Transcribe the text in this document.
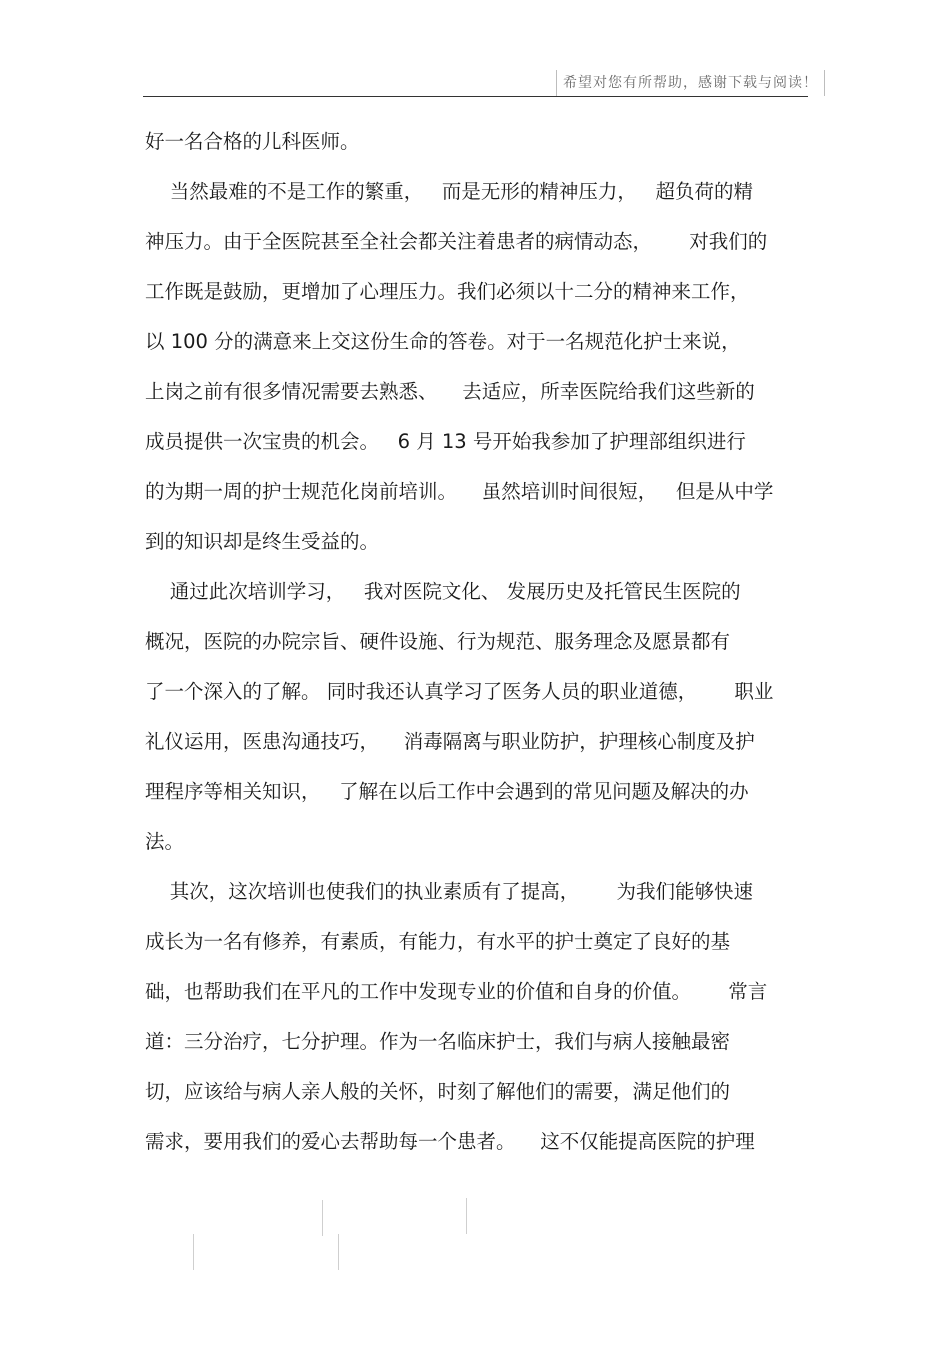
希望对您有所帮助，感谢下载与阅读！
好一名合格的儿科医师。
当然最难的不是工作的繁重，   而是无形的精神压力，   超负荷的精
神压力。由于全医院甚至全社会都关注着患者的病情动态，      对我们的
工作既是鼓励，更增加了心理压力。我们必须以十二分的精神来工作，
以 100 分的满意来上交这份生命的答卷。对于一名规范化护士来说，
上岗之前有很多情况需要去熟悉、    去适应，所幸医院给我们这些新的
成员提供一次宝贵的机会。   6 月 13 号开始我参加了护理部组织进行
的为期一周的护士规范化岗前培训。    虽然培训时间很短，   但是从中学
到的知识却是终生受益的。
通过此次培训学习，   我对医院文化、 发展历史及托管民生医院的
概况，医院的办院宗旨、硬件设施、行为规范、服务理念及愿景都有
了一个深入的了解。 同时我还认真学习了医务人员的职业道德，      职业
礼仪运用，医患沟通技巧，    消毒隔离与职业防护，护理核心制度及护
理程序等相关知识，   了解在以后工作中会遇到的常见问题及解决的办
法。
其次，这次培训也使我们的执业素质有了提高，      为我们能够快速
成长为一名有修养，有素质，有能力，有水平的护士奠定了良好的基
础，也帮助我们在平凡的工作中发现专业的价值和自身的价值。      常言
道：三分治疗，七分护理。作为一名临床护士，我们与病人接触最密
切，应该给与病人亲人般的关怀，时刻了解他们的需要，满足他们的
需求，要用我们的爱心去帮助每一个患者。    这不仅能提高医院的护理
